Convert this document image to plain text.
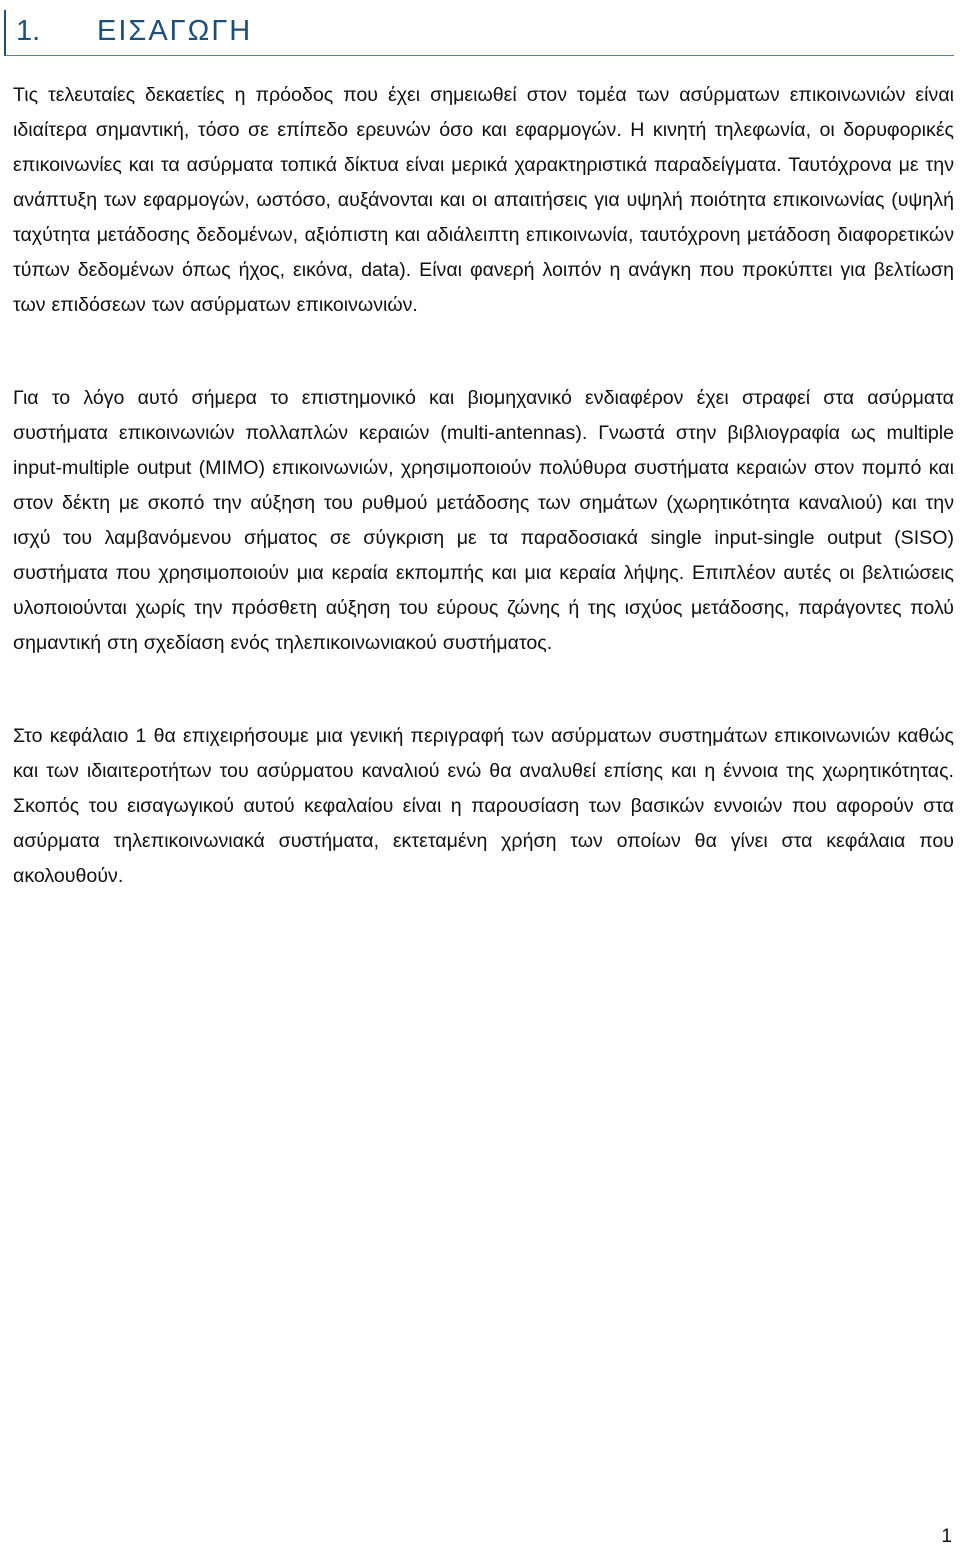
1. ΕΙΣΑΓΩΓΗ

Τις τελευταίες δεκαετίες η πρόοδος που έχει σημειωθεί στον τομέα των ασύρματων επικοινωνιών είναι ιδιαίτερα σημαντική, τόσο σε επίπεδο ερευνών όσο και εφαρμογών. Η κινητή τηλεφωνία, οι δορυφορικές επικοινωνίες και τα ασύρματα τοπικά δίκτυα είναι μερικά χαρακτηριστικά παραδείγματα. Ταυτόχρονα με την ανάπτυξη των εφαρμογών, ωστόσο, αυξάνονται και οι απαιτήσεις για υψηλή ποιότητα επικοινωνίας (υψηλή ταχύτητα μετάδοσης δεδομένων, αξιόπιστη και αδιάλειπτη επικοινωνία, ταυτόχρονη μετάδοση διαφορετικών τύπων δεδομένων όπως ήχος, εικόνα, data). Είναι φανερή λοιπόν η ανάγκη που προκύπτει για βελτίωση των επιδόσεων των ασύρματων επικοινωνιών.

Για το λόγο αυτό σήμερα το επιστημονικό και βιομηχανικό ενδιαφέρον έχει στραφεί στα ασύρματα συστήματα επικοινωνιών πολλαπλών κεραιών (multi-antennas). Γνωστά στην βιβλιογραφία ως multiple input-multiple output (MIMO) επικοινωνιών, χρησιμοποιούν πολύθυρα συστήματα κεραιών στον πομπό και στον δέκτη με σκοπό την αύξηση του ρυθμού μετάδοσης των σημάτων (χωρητικότητα καναλιού) και την ισχύ του λαμβανόμενου σήματος σε σύγκριση με τα παραδοσιακά single input-single output (SISO) συστήματα που χρησιμοποιούν μια κεραία εκπομπής και μια κεραία λήψης. Επιπλέον αυτές οι βελτιώσεις υλοποιούνται χωρίς την πρόσθετη αύξηση του εύρους ζώνης ή της ισχύος μετάδοσης, παράγοντες πολύ σημαντική στη σχεδίαση ενός τηλεπικοινωνιακού συστήματος.

Στο κεφάλαιο 1 θα επιχειρήσουμε μια γενική περιγραφή των ασύρματων συστημάτων επικοινωνιών καθώς και των ιδιαιτεροτήτων του ασύρματου καναλιού ενώ θα αναλυθεί επίσης και η έννοια της χωρητικότητας. Σκοπός του εισαγωγικού αυτού κεφαλαίου είναι η παρουσίαση των βασικών εννοιών που αφορούν στα ασύρματα τηλεπικοινωνιακά συστήματα, εκτεταμένη χρήση των οποίων θα γίνει στα κεφάλαια που ακολουθούν.

1
